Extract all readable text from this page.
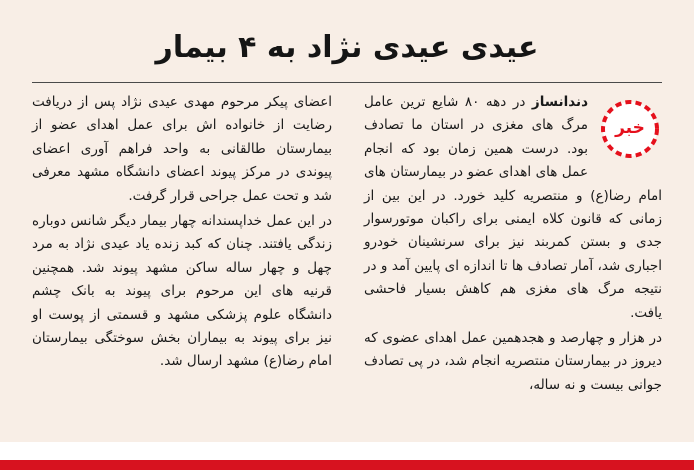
عیدی عیدی نژاد به ۴ بیمار

خبر
دندانساز در دهه ۸۰ شایع ترین عامل مرگ های مغزی در استان ما تصادف بود. درست همین زمان بود که انجام عمل های اهدای عضو در بیمارستان های امام رضا(ع) و منتصریه کلید خورد. در این بین از زمانی که قانون کلاه ایمنی برای راکبان موتورسوار جدی و بستن کمربند نیز برای سرنشینان خودرو اجباری شد، آمار تصادف ها تا اندازه ای پایین آمد و در نتیجه مرگ های مغزی هم کاهش بسیار فاحشی یافت.

در هزار و چهارصد و هجدهمین عمل اهدای عضوی که دیروز در بیمارستان منتصریه انجام شد، در پی تصادف جوانی بیست و نه ساله،

اعضای پیکر مرحوم مهدی عیدی نژاد پس از دریافت رضایت از خانواده اش برای عمل اهدای عضو از بیمارستان طالقانی به واحد فراهم آوری اعضای پیوندی در مرکز پیوند اعضای دانشگاه مشهد معرفی شد و تحت عمل جراحی قرار گرفت.

در این عمل خداپسندانه چهار بیمار دیگر شانس دوباره زندگی یافتند. چنان که کبد زنده یاد عیدی نژاد به مرد چهل و چهار ساله ساکن مشهد پیوند شد. همچنین قرنیه های این مرحوم برای پیوند به بانک چشم دانشگاه علوم پزشکی مشهد و قسمتی از پوست او نیز برای پیوند به بیماران بخش سوختگی بیمارستان امام رضا(ع) مشهد ارسال شد.
